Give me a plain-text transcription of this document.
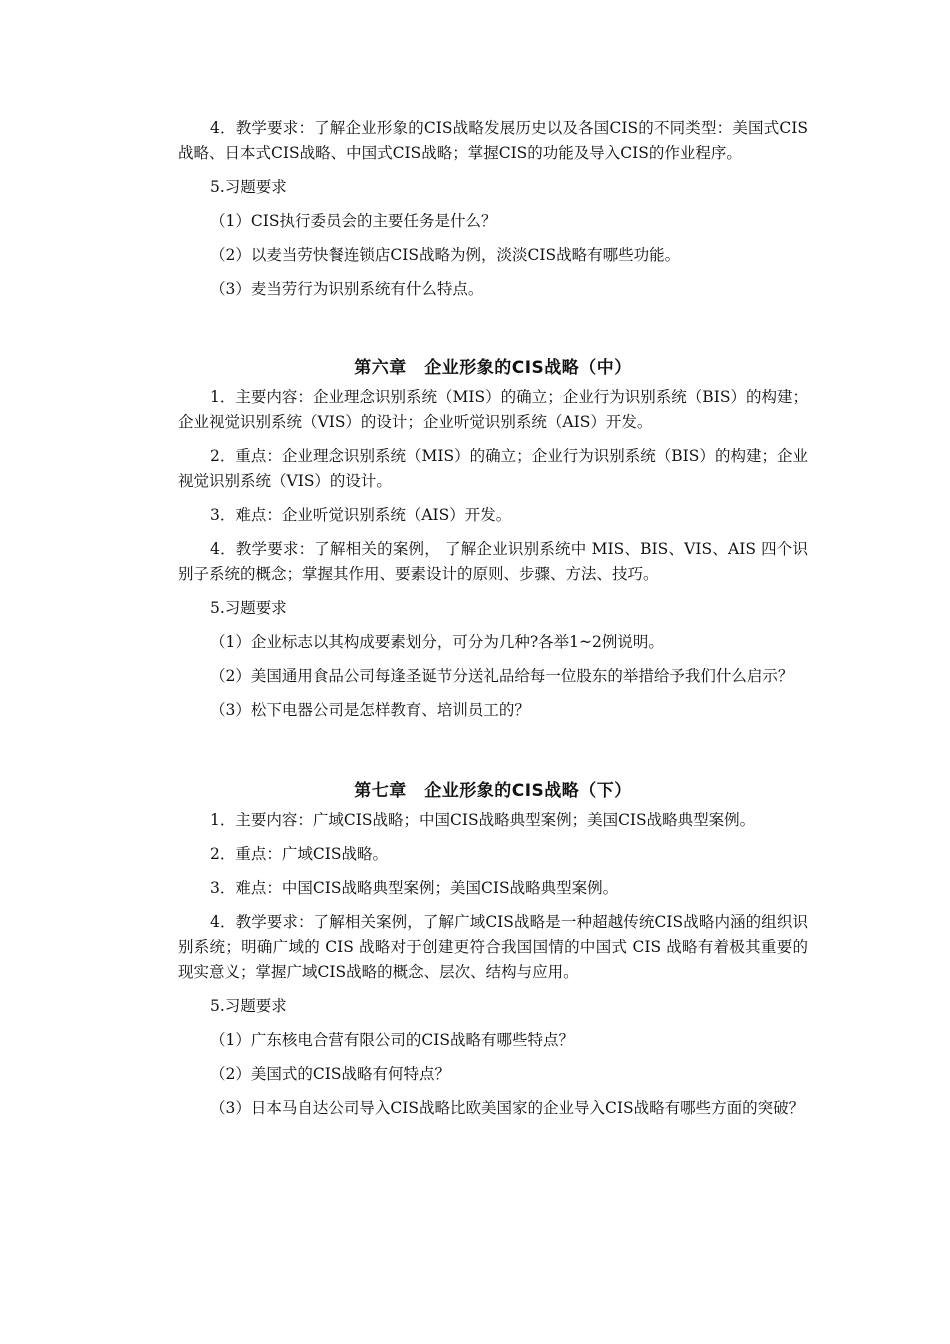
4．教学要求：了解企业形象的CIS战略发展历史以及各国CIS的不同类型：美国式CIS战略、日本式CIS战略、中国式CIS战略；掌握CIS的功能及导入CIS的作业程序。

5.习题要求

（1）CIS执行委员会的主要任务是什么？

（2）以麦当劳快餐连锁店CIS战略为例，淡淡CIS战略有哪些功能。

（3）麦当劳行为识别系统有什么特点。

第六章　企业形象的CIS战略（中）

1．主要内容：企业理念识别系统（MIS）的确立；企业行为识别系统（BIS）的构建；企业视觉识别系统（VIS）的设计；企业听觉识别系统（AIS）开发。

2．重点：企业理念识别系统（MIS）的确立；企业行为识别系统（BIS）的构建；企业视觉识别系统（VIS）的设计。

3．难点：企业听觉识别系统（AIS）开发。

4．教学要求：了解相关的案例， 了解企业识别系统中 MIS、BIS、VIS、AIS 四个识别子系统的概念；掌握其作用、要素设计的原则、步骤、方法、技巧。

5.习题要求

（1）企业标志以其构成要素划分，可分为几种?各举1~2例说明。

（2）美国通用食品公司每逢圣诞节分送礼品给每一位股东的举措给予我们什么启示？

（3）松下电器公司是怎样教育、培训员工的？

第七章　企业形象的CIS战略（下）

1．主要内容：广域CIS战略；中国CIS战略典型案例；美国CIS战略典型案例。

2．重点：广域CIS战略。

3．难点：中国CIS战略典型案例；美国CIS战略典型案例。

4．教学要求：了解相关案例，了解广域CIS战略是一种超越传统CIS战略内涵的组织识别系统；明确广域的 CIS 战略对于创建更符合我国国情的中国式 CIS 战略有着极其重要的现实意义；掌握广域CIS战略的概念、层次、结构与应用。

5.习题要求

（1）广东核电合营有限公司的CIS战略有哪些特点？

（2）美国式的CIS战略有何特点？

（3）日本马自达公司导入CIS战略比欧美国家的企业导入CIS战略有哪些方面的突破？
